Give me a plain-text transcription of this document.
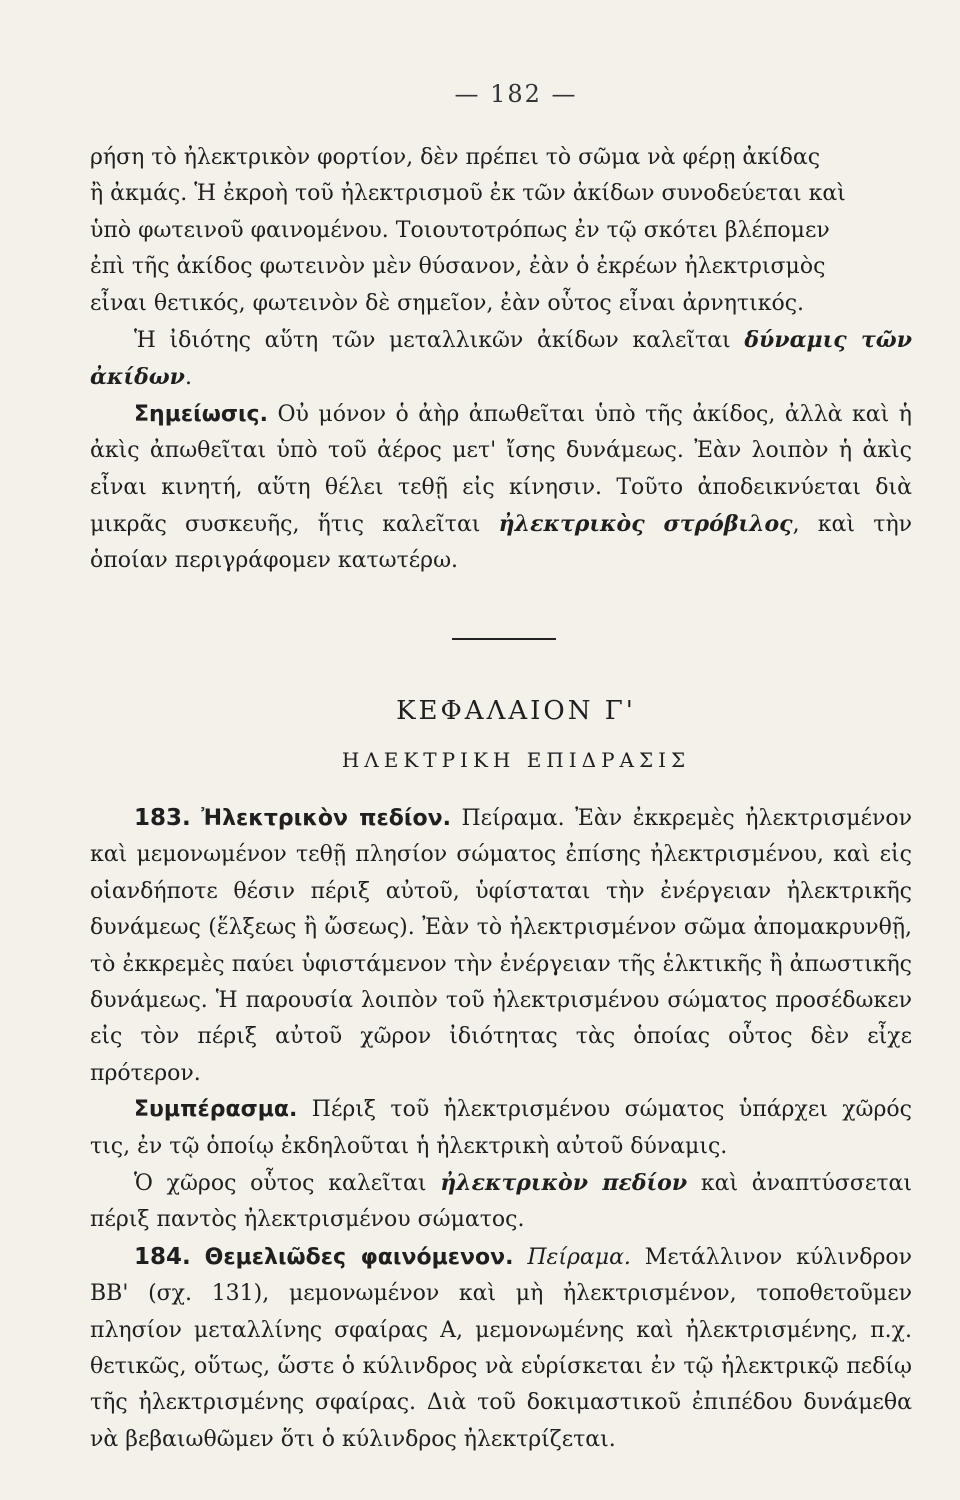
— 182 —

ρήση τὸ ἠλεκτρικὸν φορτίον, δὲν πρέπει τὸ σῶμα νὰ φέρῃ ἀκίδας
ἢ ἀκμάς. Ἡ ἐκροὴ τοῦ ἠλεκτρισμοῦ ἐκ τῶν ἀκίδων συνοδεύεται καὶ
ὑπὸ φωτεινοῦ φαινομένου. Τοιουτοτρόπως ἐν τῷ σκότει βλέπομεν
ἐπὶ τῆς ἀκίδος φωτεινὸν μὲν θύσανον, ἐὰν ὁ ἐκρέων ἠλεκτρισμὸς
εἶναι θετικός, φωτεινὸν δὲ σημεῖον, ἐὰν οὗτος εἶναι ἀρνητικός.

Ἡ ἰδιότης αὕτη τῶν μεταλλικῶν ἀκίδων καλεῖται δύναμις τῶν ἀκίδων.

Σημείωσις. Οὐ μόνον ὁ ἀὴρ ἀπωθεῖται ὑπὸ τῆς ἀκίδος, ἀλλὰ καὶ ἡ ἀκὶς ἀπωθεῖται ὑπὸ τοῦ ἀέρος μετ' ἴσης δυνάμεως. Ἐὰν λοιπὸν ἡ ἀκὶς εἶναι κινητή, αὕτη θέλει τεθῇ εἰς κίνησιν. Τοῦτο ἀποδεικνύεται διὰ μικρᾶς συσκευῆς, ἥτις καλεῖται ἠλεκτρικὸς στρόβιλος, καὶ τὴν ὁποίαν περιγράφομεν κατωτέρω.

ΚΕΦΑΛΑΙΟΝ Γ'
ΗΛΕΚΤΡΙΚΗ ΕΠΙΔΡΑΣΙΣ

183. Ἠλεκτρικὸν πεδίον. Πείραμα. Ἐὰν ἐκκρεμὲς ἠλεκτρισμένον καὶ μεμονωμένον τεθῇ πλησίον σώματος ἐπίσης ἠλεκτρισμένου, καὶ εἰς οἱανδήποτε θέσιν πέριξ αὐτοῦ, ὑφίσταται τὴν ἐνέργειαν ἠλεκτρικῆς δυνάμεως (ἕλξεως ἢ ὤσεως). Ἐὰν τὸ ἠλεκτρισμένον σῶμα ἀπομακρυνθῇ, τὸ ἐκκρεμὲς παύει ὑφιστάμενον τὴν ἐνέργειαν τῆς ἑλκτικῆς ἢ ἀπωστικῆς δυνάμεως. Ἡ παρουσία λοιπὸν τοῦ ἠλεκτρισμένου σώματος προσέδωκεν εἰς τὸν πέριξ αὐτοῦ χῶρον ἰδιότητας τὰς ὁποίας οὗτος δὲν εἶχε πρότερον.

Συμπέρασμα. Πέριξ τοῦ ἠλεκτρισμένου σώματος ὑπάρχει χῶρός τις, ἐν τῷ ὁποίῳ ἐκδηλοῦται ἡ ἠλεκτρικὴ αὐτοῦ δύναμις.

Ὁ χῶρος οὗτος καλεῖται ἠλεκτρικὸν πεδίον καὶ ἀναπτύσσεται πέριξ παντὸς ἠλεκτρισμένου σώματος.

184. Θεμελιῶδες φαινόμενον. Πείραμα. Μετάλλινον κύλινδρον ΒΒ' (σχ. 131), μεμονωμένον καὶ μὴ ἠλεκτρισμένον, τοποθετοῦμεν πλησίον μεταλλίνης σφαίρας Α, μεμονωμένης καὶ ἠλεκτρισμένης, π.χ. θετικῶς, οὕτως, ὥστε ὁ κύλινδρος νὰ εὑρίσκεται ἐν τῷ ἠλεκτρικῷ πεδίῳ τῆς ἠλεκτρισμένης σφαίρας. Διὰ τοῦ δοκιμαστικοῦ ἐπιπέδου δυνάμεθα νὰ βεβαιωθῶμεν ὅτι ὁ κύλινδρος ἠλεκτρίζεται.
